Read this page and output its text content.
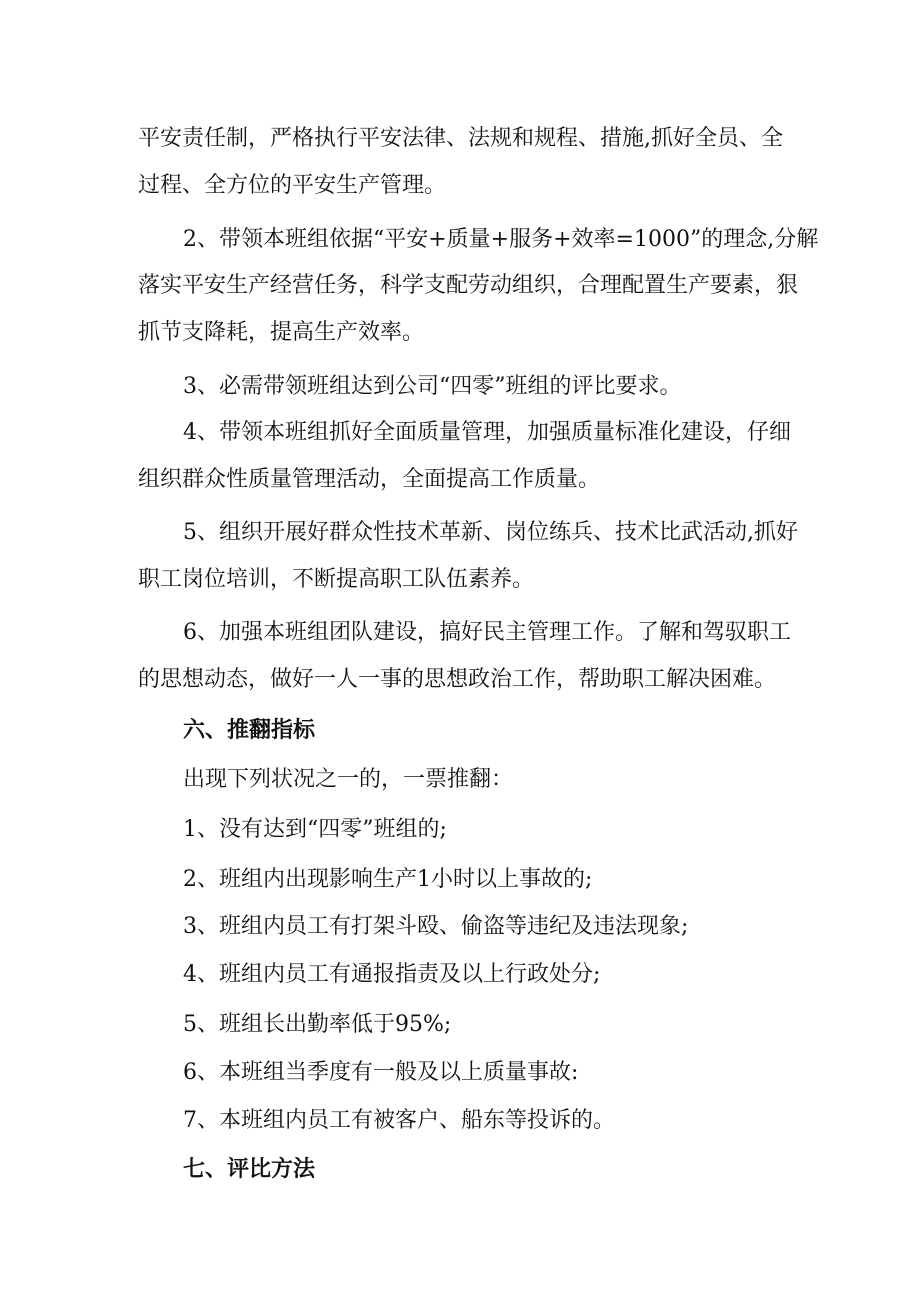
平安责任制，严格执行平安法律、法规和规程、措施,抓好全员、全
过程、全方位的平安生产管理。
2、带领本班组依据“平安+质量+服务+效率=1000”的理念,分解
落实平安生产经营任务，科学支配劳动组织，合理配置生产要素，狠
抓节支降耗，提高生产效率。
3、必需带领班组达到公司“四零”班组的评比要求。
4、带领本班组抓好全面质量管理，加强质量标准化建设，仔细
组织群众性质量管理活动，全面提高工作质量。
5、组织开展好群众性技术革新、岗位练兵、技术比武活动,抓好
职工岗位培训，不断提高职工队伍素养。
6、加强本班组团队建设，搞好民主管理工作。了解和驾驭职工
的思想动态，做好一人一事的思想政治工作，帮助职工解决困难。
六、推翻指标
出现下列状况之一的，一票推翻：
1、没有达到“四零”班组的;
2、班组内出现影响生产1小时以上事故的;
3、班组内员工有打架斗殴、偷盗等违纪及违法现象;
4、班组内员工有通报指责及以上行政处分;
5、班组长出勤率低于95%;
6、本班组当季度有一般及以上质量事故:
7、本班组内员工有被客户、船东等投诉的。
七、评比方法
